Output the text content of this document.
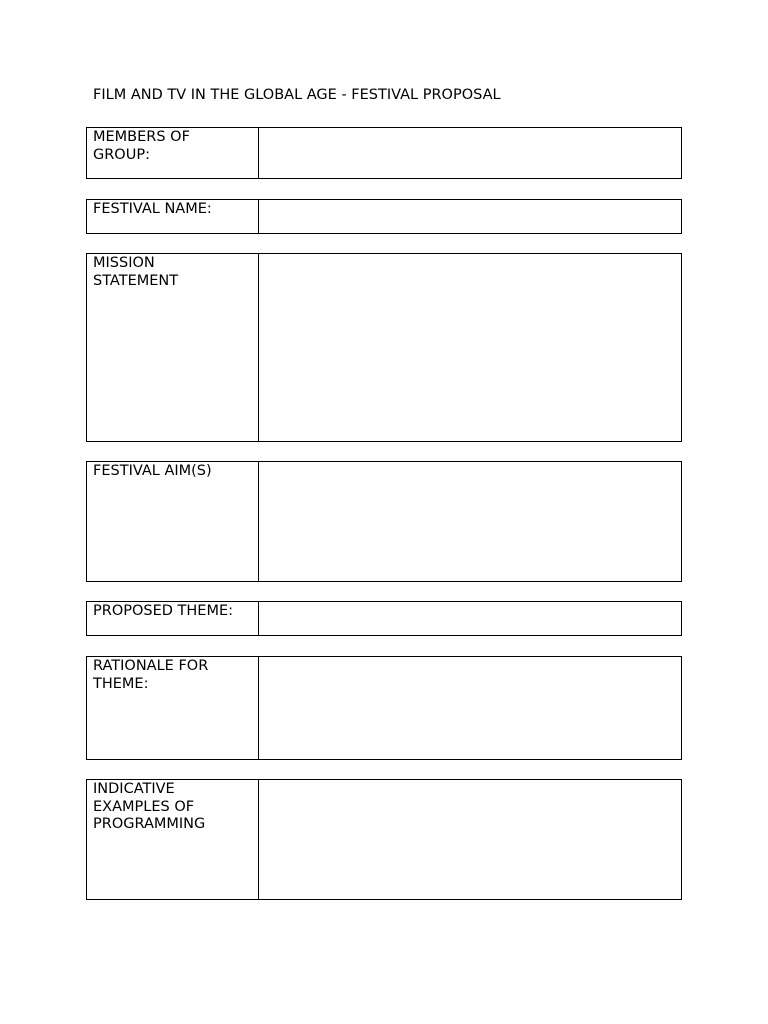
FILM AND TV IN THE GLOBAL AGE - FESTIVAL PROPOSAL
MEMBERS OF
GROUP:
FESTIVAL NAME:
MISSION
STATEMENT
FESTIVAL AIM(S)
PROPOSED THEME:
RATIONALE FOR
THEME:
INDICATIVE
EXAMPLES OF
PROGRAMMING
